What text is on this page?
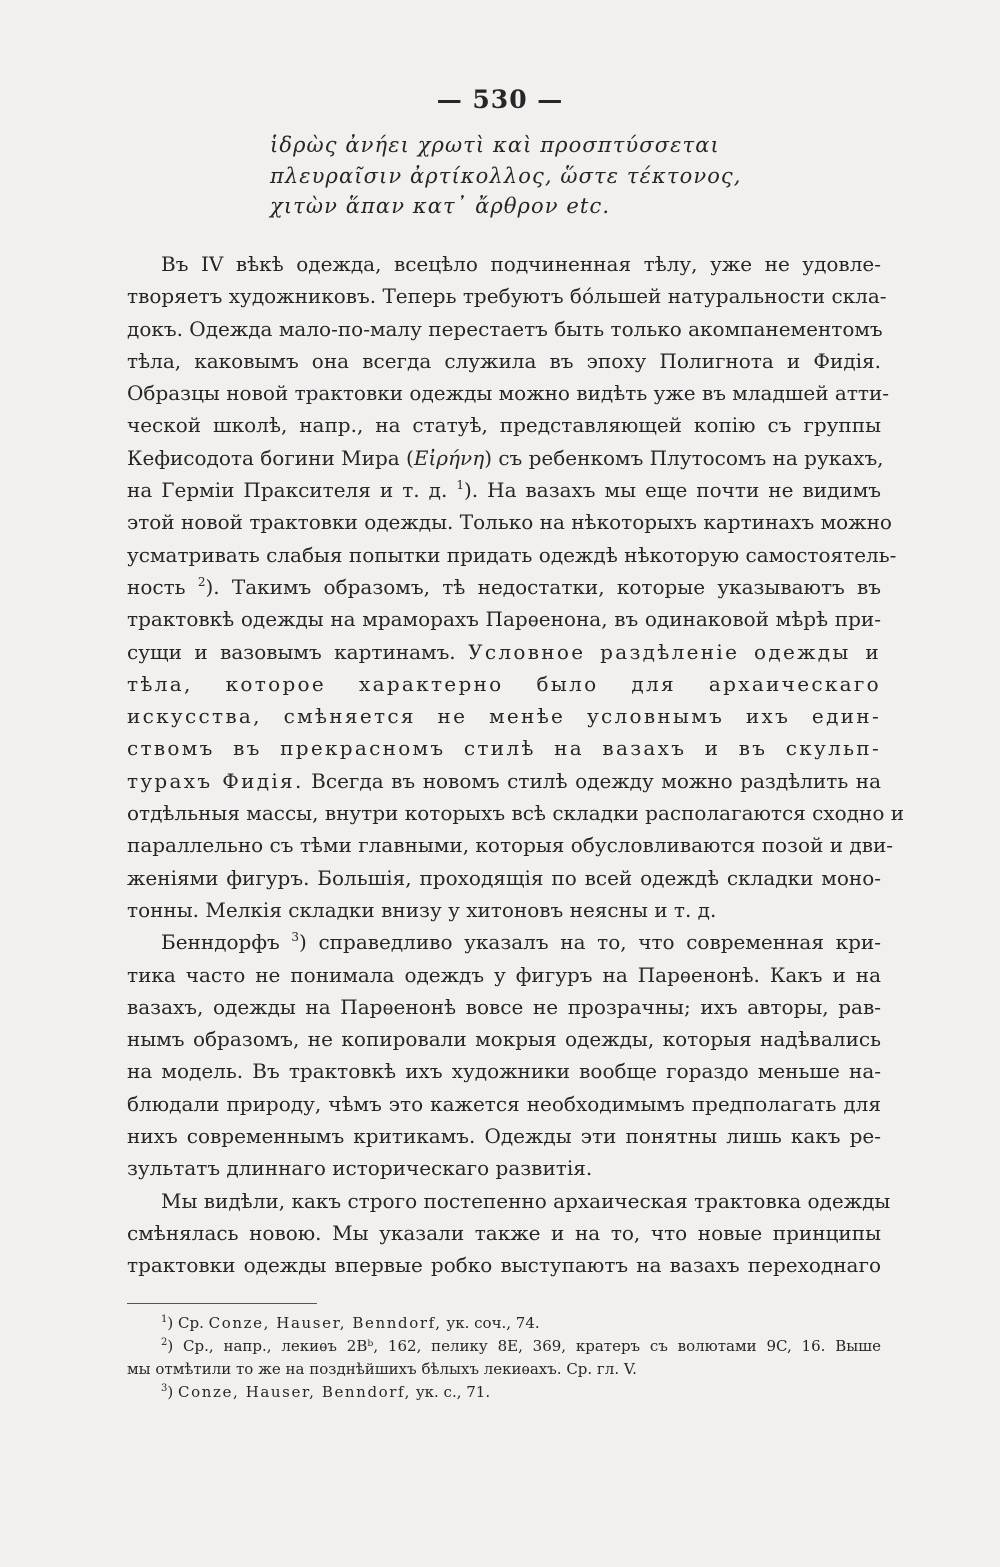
— 530 —
ἱδρὼς ἀνήει χρωτὶ καὶ προσπτύσσεται
πλευραῖσιν ἀρτίκολλος, ὥστε τέκτονος,
χιτὼν ἅπαν κατ᾽ ἄρθρον etc.
Въ IV вѣкѣ одежда, всецѣло подчиненная тѣлу, уже не удовле-
творяетъ художниковъ. Теперь требуютъ бо́льшей натуральности скла-
докъ. Одежда мало-по-малу перестаетъ быть только акомпанементомъ
тѣла, каковымъ она всегда служила въ эпоху Полигнота и Фидія.
Образцы новой трактовки одежды можно видѣть уже въ младшей атти-
ческой школѣ, напр., на статуѣ, представляющей копію съ группы
Кефисодота богини Мира (Εἰρήνη) съ ребенкомъ Плутосомъ на рукахъ,
на Герміи Праксителя и т. д. $^1$). На вазахъ мы еще почти не видимъ
этой новой трактовки одежды. Только на нѣкоторыхъ картинахъ можно
усматривать слабыя попытки придать одеждѣ нѣкоторую самостоятель-
ность $^2$). Такимъ образомъ, тѣ недостатки, которые указываютъ въ
трактовкѣ одежды на мраморахъ Парѳенона, въ одинаковой мѣрѣ при-
сущи и вазовымъ картинамъ. Условное раздѣленіе одежды и
тѣла, которое характерно было для архаическаго
искусства, смѣняется не менѣе условнымъ ихъ един-
ствомъ въ прекрасномъ стилѣ на вазахъ и въ скульп-
турахъ Фидія. Всегда въ новомъ стилѣ одежду можно раздѣлить на
отдѣльныя массы, внутри которыхъ всѣ складки располагаются сходно и
параллельно съ тѣми главными, которыя обусловливаются позой и дви-
женіями фигуръ. Большія, проходящія по всей одеждѣ складки моно-
тонны. Мелкія складки внизу у хитоновъ неясны и т. д.
Бенндорфъ $^3$) справедливо указалъ на то, что современная кри-
тика часто не понимала одеждъ у фигуръ на Парѳенонѣ. Какъ и на
вазахъ, одежды на Парѳенонѣ вовсе не прозрачны; ихъ авторы, рав-
нымъ образомъ, не копировали мокрыя одежды, которыя надѣвались
на модель. Въ трактовкѣ ихъ художники вообще гораздо меньше на-
блюдали природу, чѣмъ это кажется необходимымъ предполагать для
нихъ современнымъ критикамъ. Одежды эти понятны лишь какъ ре-
зультатъ длиннаго историческаго развитія.
Мы видѣли, какъ строго постепенно архаическая трактовка одежды
смѣнялась новою. Мы указали также и на то, что новые принципы
трактовки одежды впервые робко выступаютъ на вазахъ переходнаго
$^1$) Ср. Conze, Hauser, Benndorf, ук. соч., 74.
$^2$) Ср., напр., лекиѳъ 2Bᵇ, 162, пелику 8E, 369, кратеръ съ волютами 9C, 16. Выше
мы отмѣтили то же на позднѣйшихъ бѣлыхъ лекиѳахъ. Ср. гл. V.
$^3$) Conze, Hauser, Benndorf, ук. с., 71.
